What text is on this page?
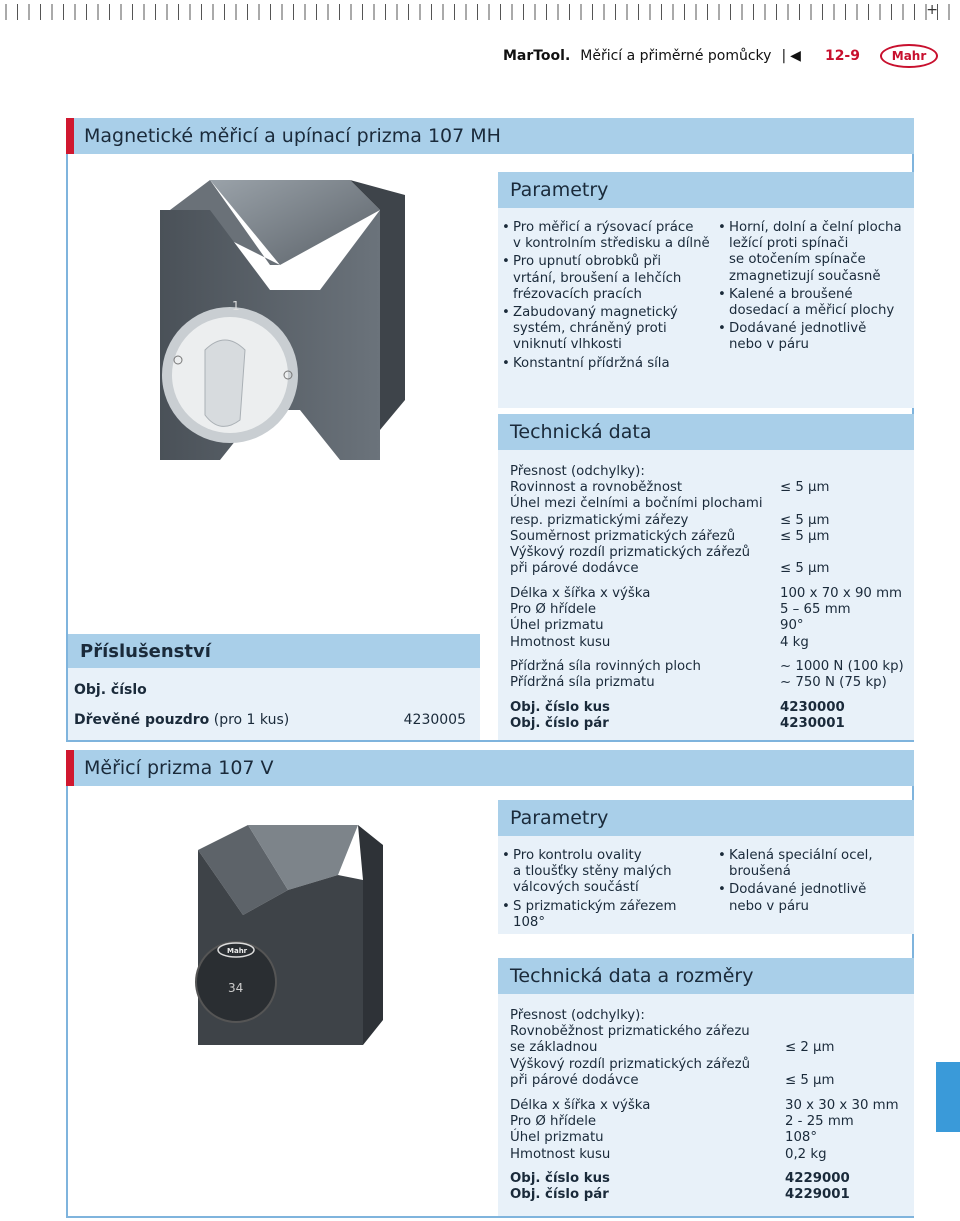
+
MarTool. Měřicí a přiměrné pomůcky | ◀ 12-9	Mahr
Magnetické měřicí a upínací prizma 107 MH
1
Parametry
• Pro měřicí a rýsovací práce
v kontrolním středisku a dílně
• Pro upnutí obrobků při
vrtání, broušení a lehčích
frézovacích pracích
• Zabudovaný magnetický
systém, chráněný proti
vniknutí vlhkosti
• Konstantní přídržná síla
• Horní, dolní a čelní plocha
ležící proti spínači
se otočením spínače
zmagnetizují současně
• Kalené a broušené
dosedací a měřicí plochy
• Dodávané jednotlivě
nebo v páru
Technická data
Přesnost (odchylky):
Rovinnost a rovnoběžnost	≤ 5 µm
Úhel mezi čelními a bočními plochami
resp. prizmatickými zářezy	≤ 5 µm
Souměrnost prizmatických zářezů	≤ 5 µm
Výškový rozdíl prizmatických zářezů
při párové dodávce	≤ 5 µm
Délka x šířka x výška	100 x 70 x 90 mm
Pro Ø hřídele	5 – 65 mm
Úhel prizmatu	90°
Hmotnost kusu	4 kg
Přídržná síla rovinných ploch	~ 1000 N (100 kp)
Přídržná síla prizmatu	~ 750 N (75 kp)
Obj. číslo kus	4230000
Obj. číslo pár	4230001
Příslušenství
Obj. číslo
Dřevěné pouzdro (pro 1 kus)	4230005
Měřicí prizma 107 V
Mahr
34
Parametry
• Pro kontrolu ovality
a tloušťky stěny malých
válcových součástí
• S prizmatickým zářezem 108°
• Kalená speciální ocel,
broušená
• Dodávané jednotlivě
nebo v páru
Technická data a rozměry
Přesnost (odchylky):
Rovnoběžnost prizmatického zářezu
se základnou	≤ 2 µm
Výškový rozdíl prizmatických zářezů
při párové dodávce	≤ 5 µm
Délka x šířka x výška	30 x 30 x 30 mm
Pro Ø hřídele	2 - 25 mm
Úhel prizmatu	108°
Hmotnost kusu	0,2 kg
Obj. číslo kus	4229000
Obj. číslo pár	4229001
